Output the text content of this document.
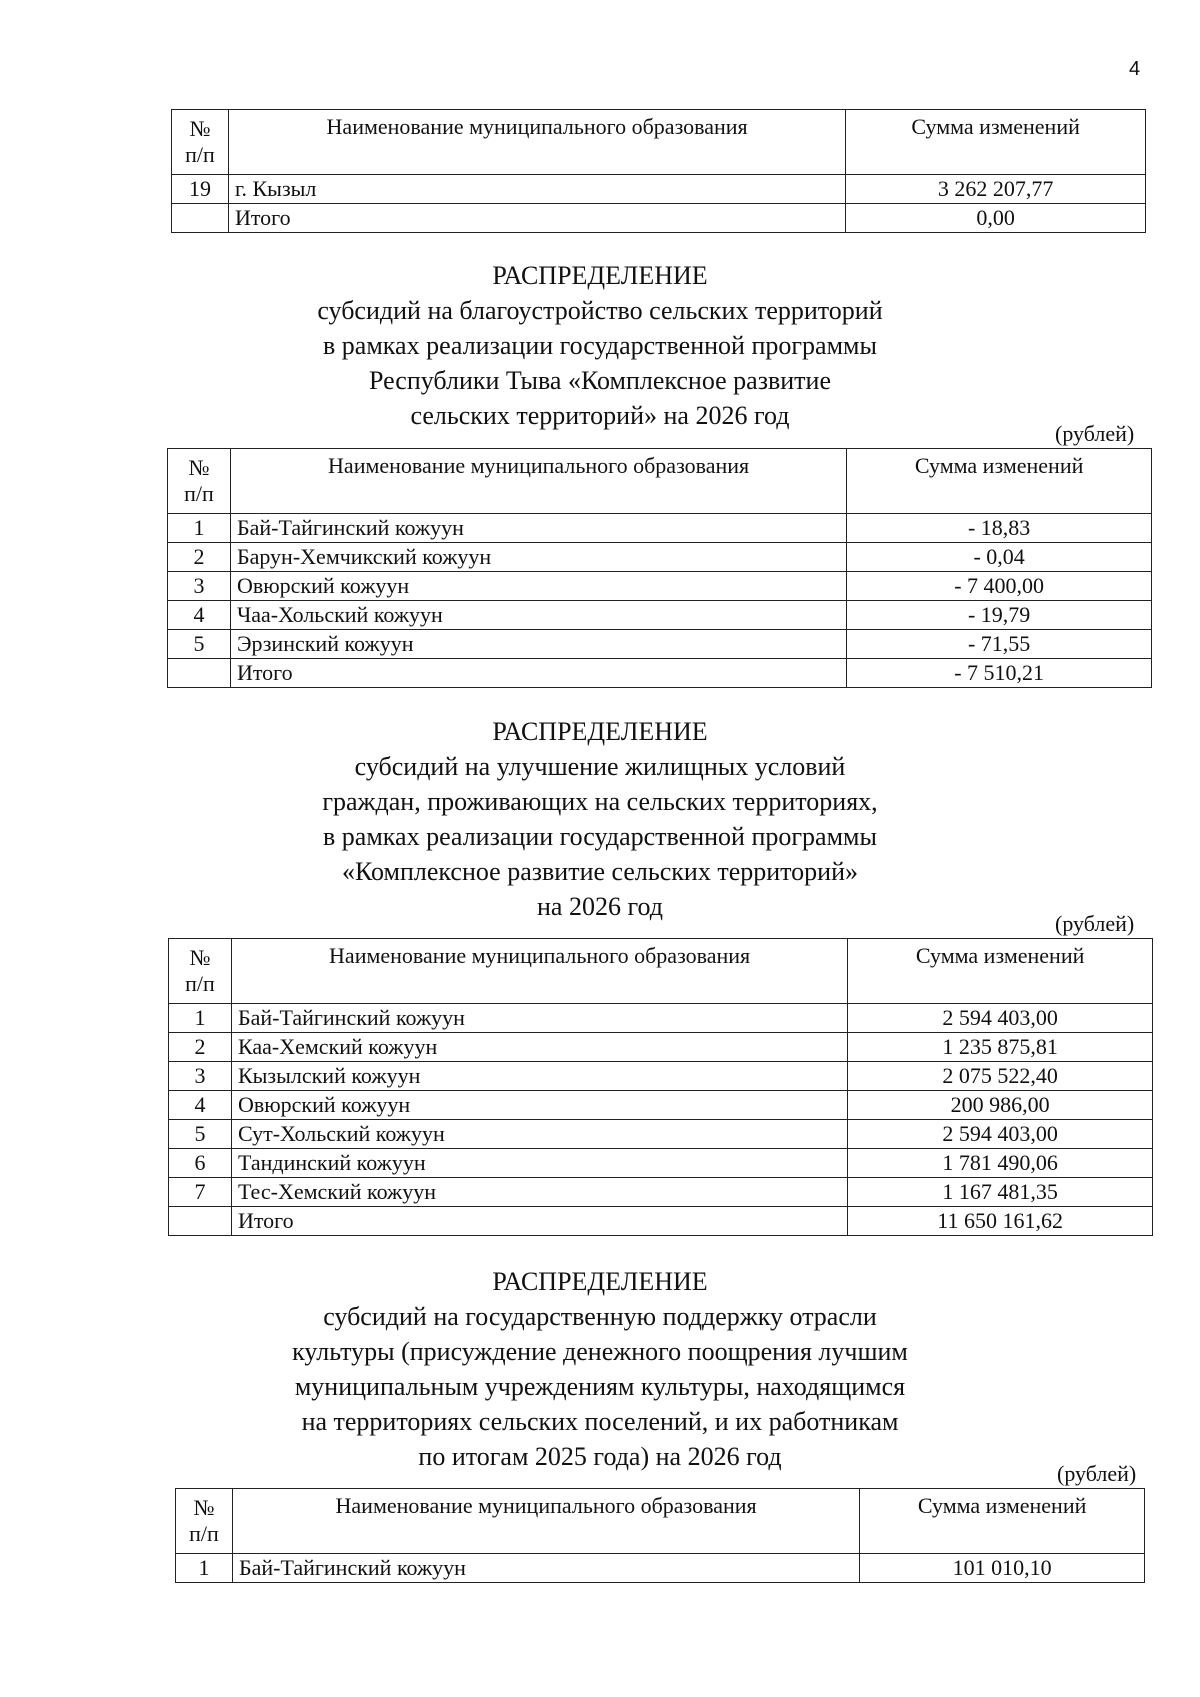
4
№
п/п	Наименование муниципального образования	Сумма изменений
19	г. Кызыл	3 262 207,77
	Итого	0,00
РАСПРЕДЕЛЕНИЕ
субсидий на благоустройство сельских территорий
в рамках реализации государственной программы
Республики Тыва «Комплексное развитие
сельских территорий» на 2026 год
(рублей)
№
п/п	Наименование муниципального образования	Сумма изменений
1	Бай-Тайгинский кожуун	- 18,83
2	Барун-Хемчикский кожуун	- 0,04
3	Овюрский кожуун	- 7 400,00
4	Чаа-Хольский кожуун	- 19,79
5	Эрзинский кожуун	- 71,55
	Итого	- 7 510,21
РАСПРЕДЕЛЕНИЕ
субсидий на улучшение жилищных условий
граждан, проживающих на сельских территориях,
в рамках реализации государственной программы
«Комплексное развитие сельских территорий»
на 2026 год
(рублей)
№
п/п	Наименование муниципального образования	Сумма изменений
1	Бай-Тайгинский кожуун	2 594 403,00
2	Каа-Хемский кожуун	1 235 875,81
3	Кызылский кожуун	2 075 522,40
4	Овюрский кожуун	200 986,00
5	Сут-Хольский кожуун	2 594 403,00
6	Тандинский кожуун	1 781 490,06
7	Тес-Хемский кожуун	1 167 481,35
	Итого	11 650 161,62
РАСПРЕДЕЛЕНИЕ
субсидий на государственную поддержку отрасли
культуры (присуждение денежного поощрения лучшим
муниципальным учреждениям культуры, находящимся
на территориях сельских поселений, и их работникам
по итогам 2025 года) на 2026 год
(рублей)
№
п/п	Наименование муниципального образования	Сумма изменений
1	Бай-Тайгинский кожуун	101 010,10
